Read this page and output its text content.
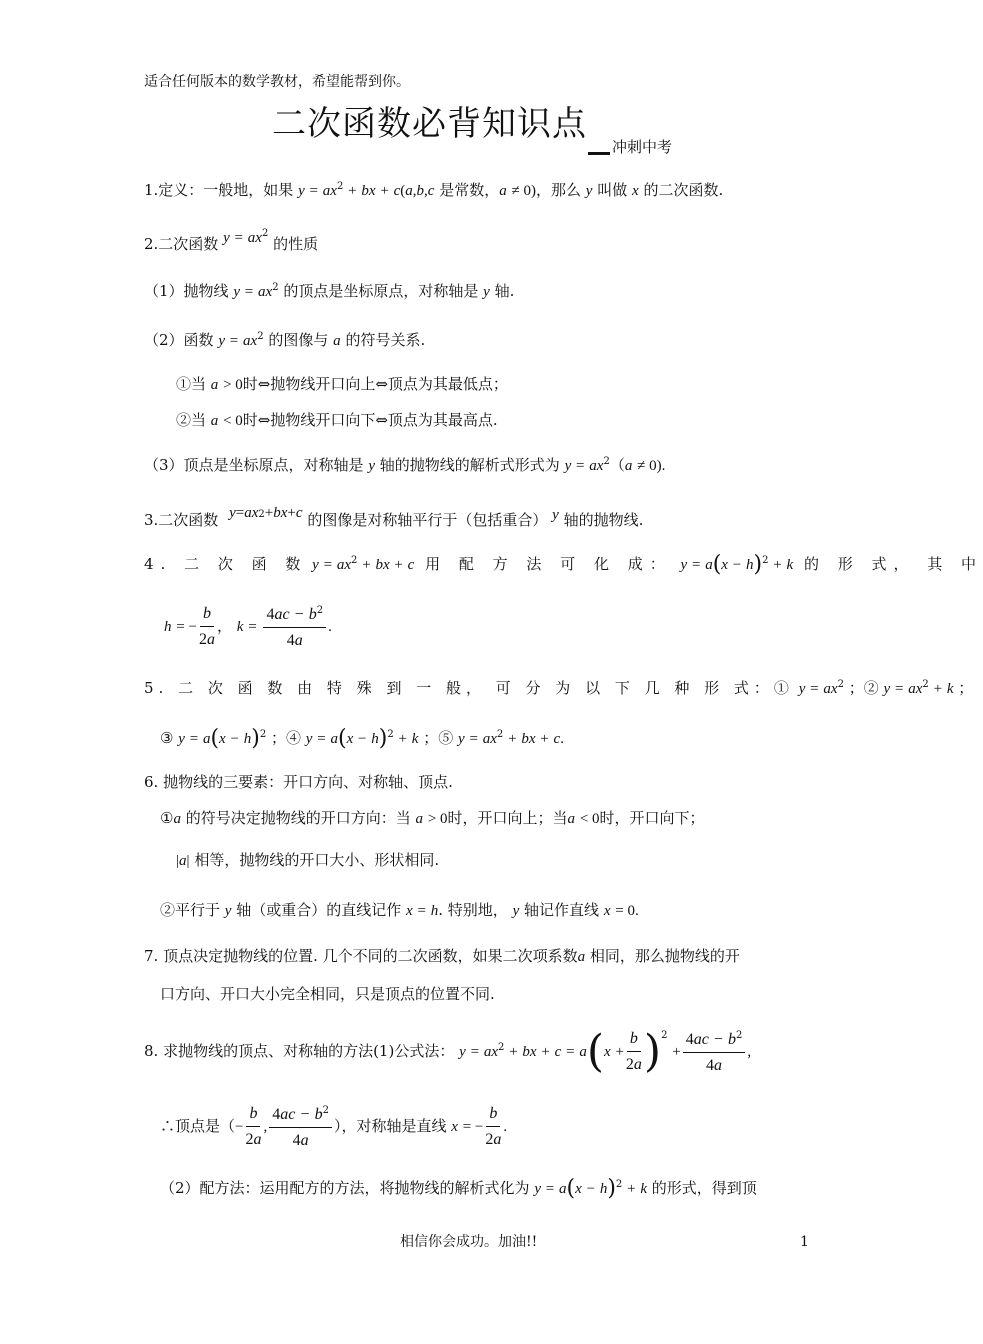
适合任何版本的数学教材，希望能帮到你。
二次函数必背知识点
冲刺中考
1.定义：一般地，如果 $y = ax^2$ + bx + c(a,b,c 是常数，a ≠ 0)，那么 y 叫做 x 的二次函数.
2.二次函数 $y = ax^2$ 的性质
（1）抛物线 $y = ax^2$ 的顶点是坐标原点，对称轴是 y 轴.
（2）函数 $y = ax^2$ 的图像与 a 的符号关系.
①当 a > 0时⇔抛物线开口向上⇔顶点为其最低点；
②当 a < 0时⇔抛物线开口向下⇔顶点为其最高点.
（3）顶点是坐标原点，对称轴是 y 轴的抛物线的解析式形式为 $y = ax^2(a \ne 0)$.
3.二次函数 y=ax2+bx+c 的图像是对称轴平行于（包括重合） y 轴的抛物线.
4. 二 次 函 数 $y = ax^2$ + bx + c 用 配 方 法 可 化 成： $y = a(x - h)^2 + k$ 的 形 式， 其 中
h = − $\frac{b}{2a}$ ， $k = \frac{4ac - b^2}{4a}$ .
5. 二 次 函 数 由 特 殊 到 一 般， 可 分 为 以 下 几 种 形 式：① $y = ax^2$ ；② $y = ax^2 + k$ ；
③ $y = a(x - h)^2$ ；④ $y = a(x - h)^2 + k$ ；⑤ $y = ax^2$ + bx + c.
6. 抛物线的三要素：开口方向、对称轴、顶点.
①a 的符号决定抛物线的开口方向：当 a > 0时，开口向上；当a < 0时，开口向下；
|a| 相等，抛物线的开口大小、形状相同.
②平行于 y 轴（或重合）的直线记作 x = h. 特别地， y 轴记作直线 x = 0.
7. 顶点决定抛物线的位置. 几个不同的二次函数，如果二次项系数a 相同，那么抛物线的开
口方向、开口大小完全相同，只是顶点的位置不同.
8. 求抛物线的顶点、对称轴的方法(1)公式法： $y = ax^2$ + bx + $c = a(x + \frac{b}{2a} )^2 + \frac{4ac - b^2}{4a}$ ,
∴顶点是（− $\frac{b}{2a}$ , $\frac{4ac - b^2}{4a}$ ），对称轴是直线 x = − $\frac{b}{2a}$ .
（2）配方法：运用配方的方法，将抛物线的解析式化为 $y = a(x - h)^2 + k$ 的形式，得到顶
相信你会成功。加油!!	1
